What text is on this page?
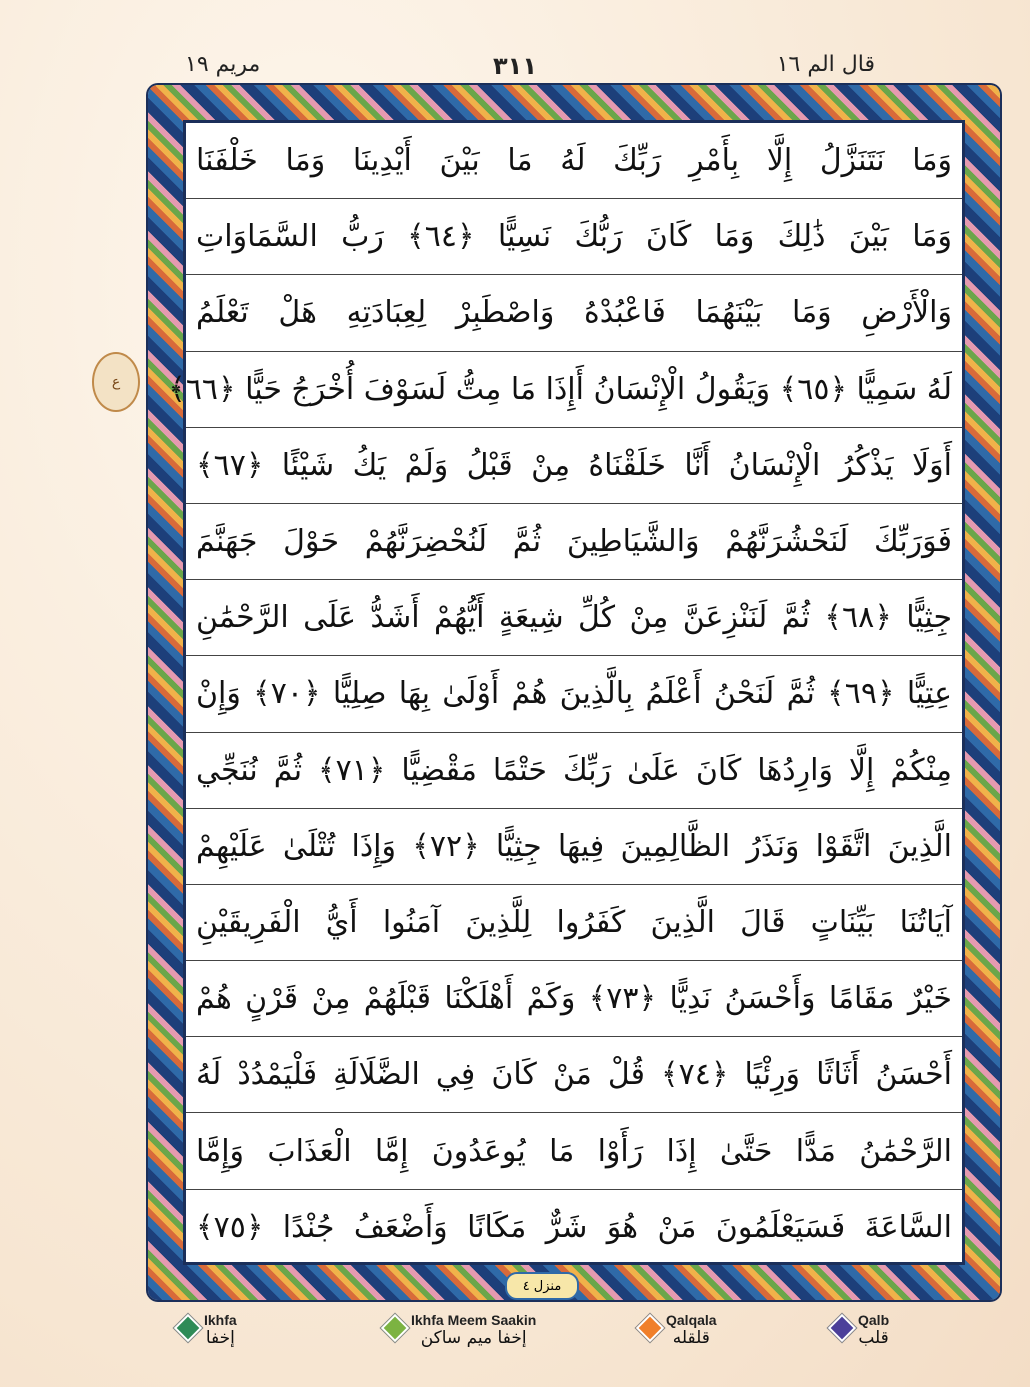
قال الم ١٦
٣١١
مريم ١٩
وَمَا نَتَنَزَّلُ إِلَّا بِأَمْرِ رَبِّكَ لَهُ مَا بَيْنَ أَيْدِينَا وَمَا خَلْفَنَا
وَمَا بَيْنَ ذَٰلِكَ وَمَا كَانَ رَبُّكَ نَسِيًّا ﴿٦٤﴾ رَبُّ السَّمَاوَاتِ
وَالْأَرْضِ وَمَا بَيْنَهُمَا فَاعْبُدْهُ وَاصْطَبِرْ لِعِبَادَتِهِ هَلْ تَعْلَمُ
لَهُ سَمِيًّا ﴿٦٥﴾ وَيَقُولُ الْإِنْسَانُ أَإِذَا مَا مِتُّ لَسَوْفَ أُخْرَجُ حَيًّا ﴿٦٦﴾
أَوَلَا يَذْكُرُ الْإِنْسَانُ أَنَّا خَلَقْنَاهُ مِنْ قَبْلُ وَلَمْ يَكُ شَيْئًا ﴿٦٧﴾
فَوَرَبِّكَ لَنَحْشُرَنَّهُمْ وَالشَّيَاطِينَ ثُمَّ لَنُحْضِرَنَّهُمْ حَوْلَ جَهَنَّمَ
جِثِيًّا ﴿٦٨﴾ ثُمَّ لَنَنْزِعَنَّ مِنْ كُلِّ شِيعَةٍ أَيُّهُمْ أَشَدُّ عَلَى الرَّحْمَٰنِ
عِتِيًّا ﴿٦٩﴾ ثُمَّ لَنَحْنُ أَعْلَمُ بِالَّذِينَ هُمْ أَوْلَىٰ بِهَا صِلِيًّا ﴿٧٠﴾ وَإِنْ
مِنْكُمْ إِلَّا وَارِدُهَا كَانَ عَلَىٰ رَبِّكَ حَتْمًا مَقْضِيًّا ﴿٧١﴾ ثُمَّ نُنَجِّي
الَّذِينَ اتَّقَوْا وَنَذَرُ الظَّالِمِينَ فِيهَا جِثِيًّا ﴿٧٢﴾ وَإِذَا تُتْلَىٰ عَلَيْهِمْ
آيَاتُنَا بَيِّنَاتٍ قَالَ الَّذِينَ كَفَرُوا لِلَّذِينَ آمَنُوا أَيُّ الْفَرِيقَيْنِ
خَيْرٌ مَقَامًا وَأَحْسَنُ نَدِيًّا ﴿٧٣﴾ وَكَمْ أَهْلَكْنَا قَبْلَهُمْ مِنْ قَرْنٍ هُمْ
أَحْسَنُ أَثَاثًا وَرِئْيًا ﴿٧٤﴾ قُلْ مَنْ كَانَ فِي الضَّلَالَةِ فَلْيَمْدُدْ لَهُ
الرَّحْمَٰنُ مَدًّا حَتَّىٰ إِذَا رَأَوْا مَا يُوعَدُونَ إِمَّا الْعَذَابَ وَإِمَّا
السَّاعَةَ فَسَيَعْلَمُونَ مَنْ هُوَ شَرٌّ مَكَانًا وَأَضْعَفُ جُنْدًا ﴿٧٥﴾
ع
منزل ٤
Ikhfa
إخفا
Ikhfa Meem Saakin
إخفا ميم ساكن
Qalqala
قلقله
Qalb
قلب
